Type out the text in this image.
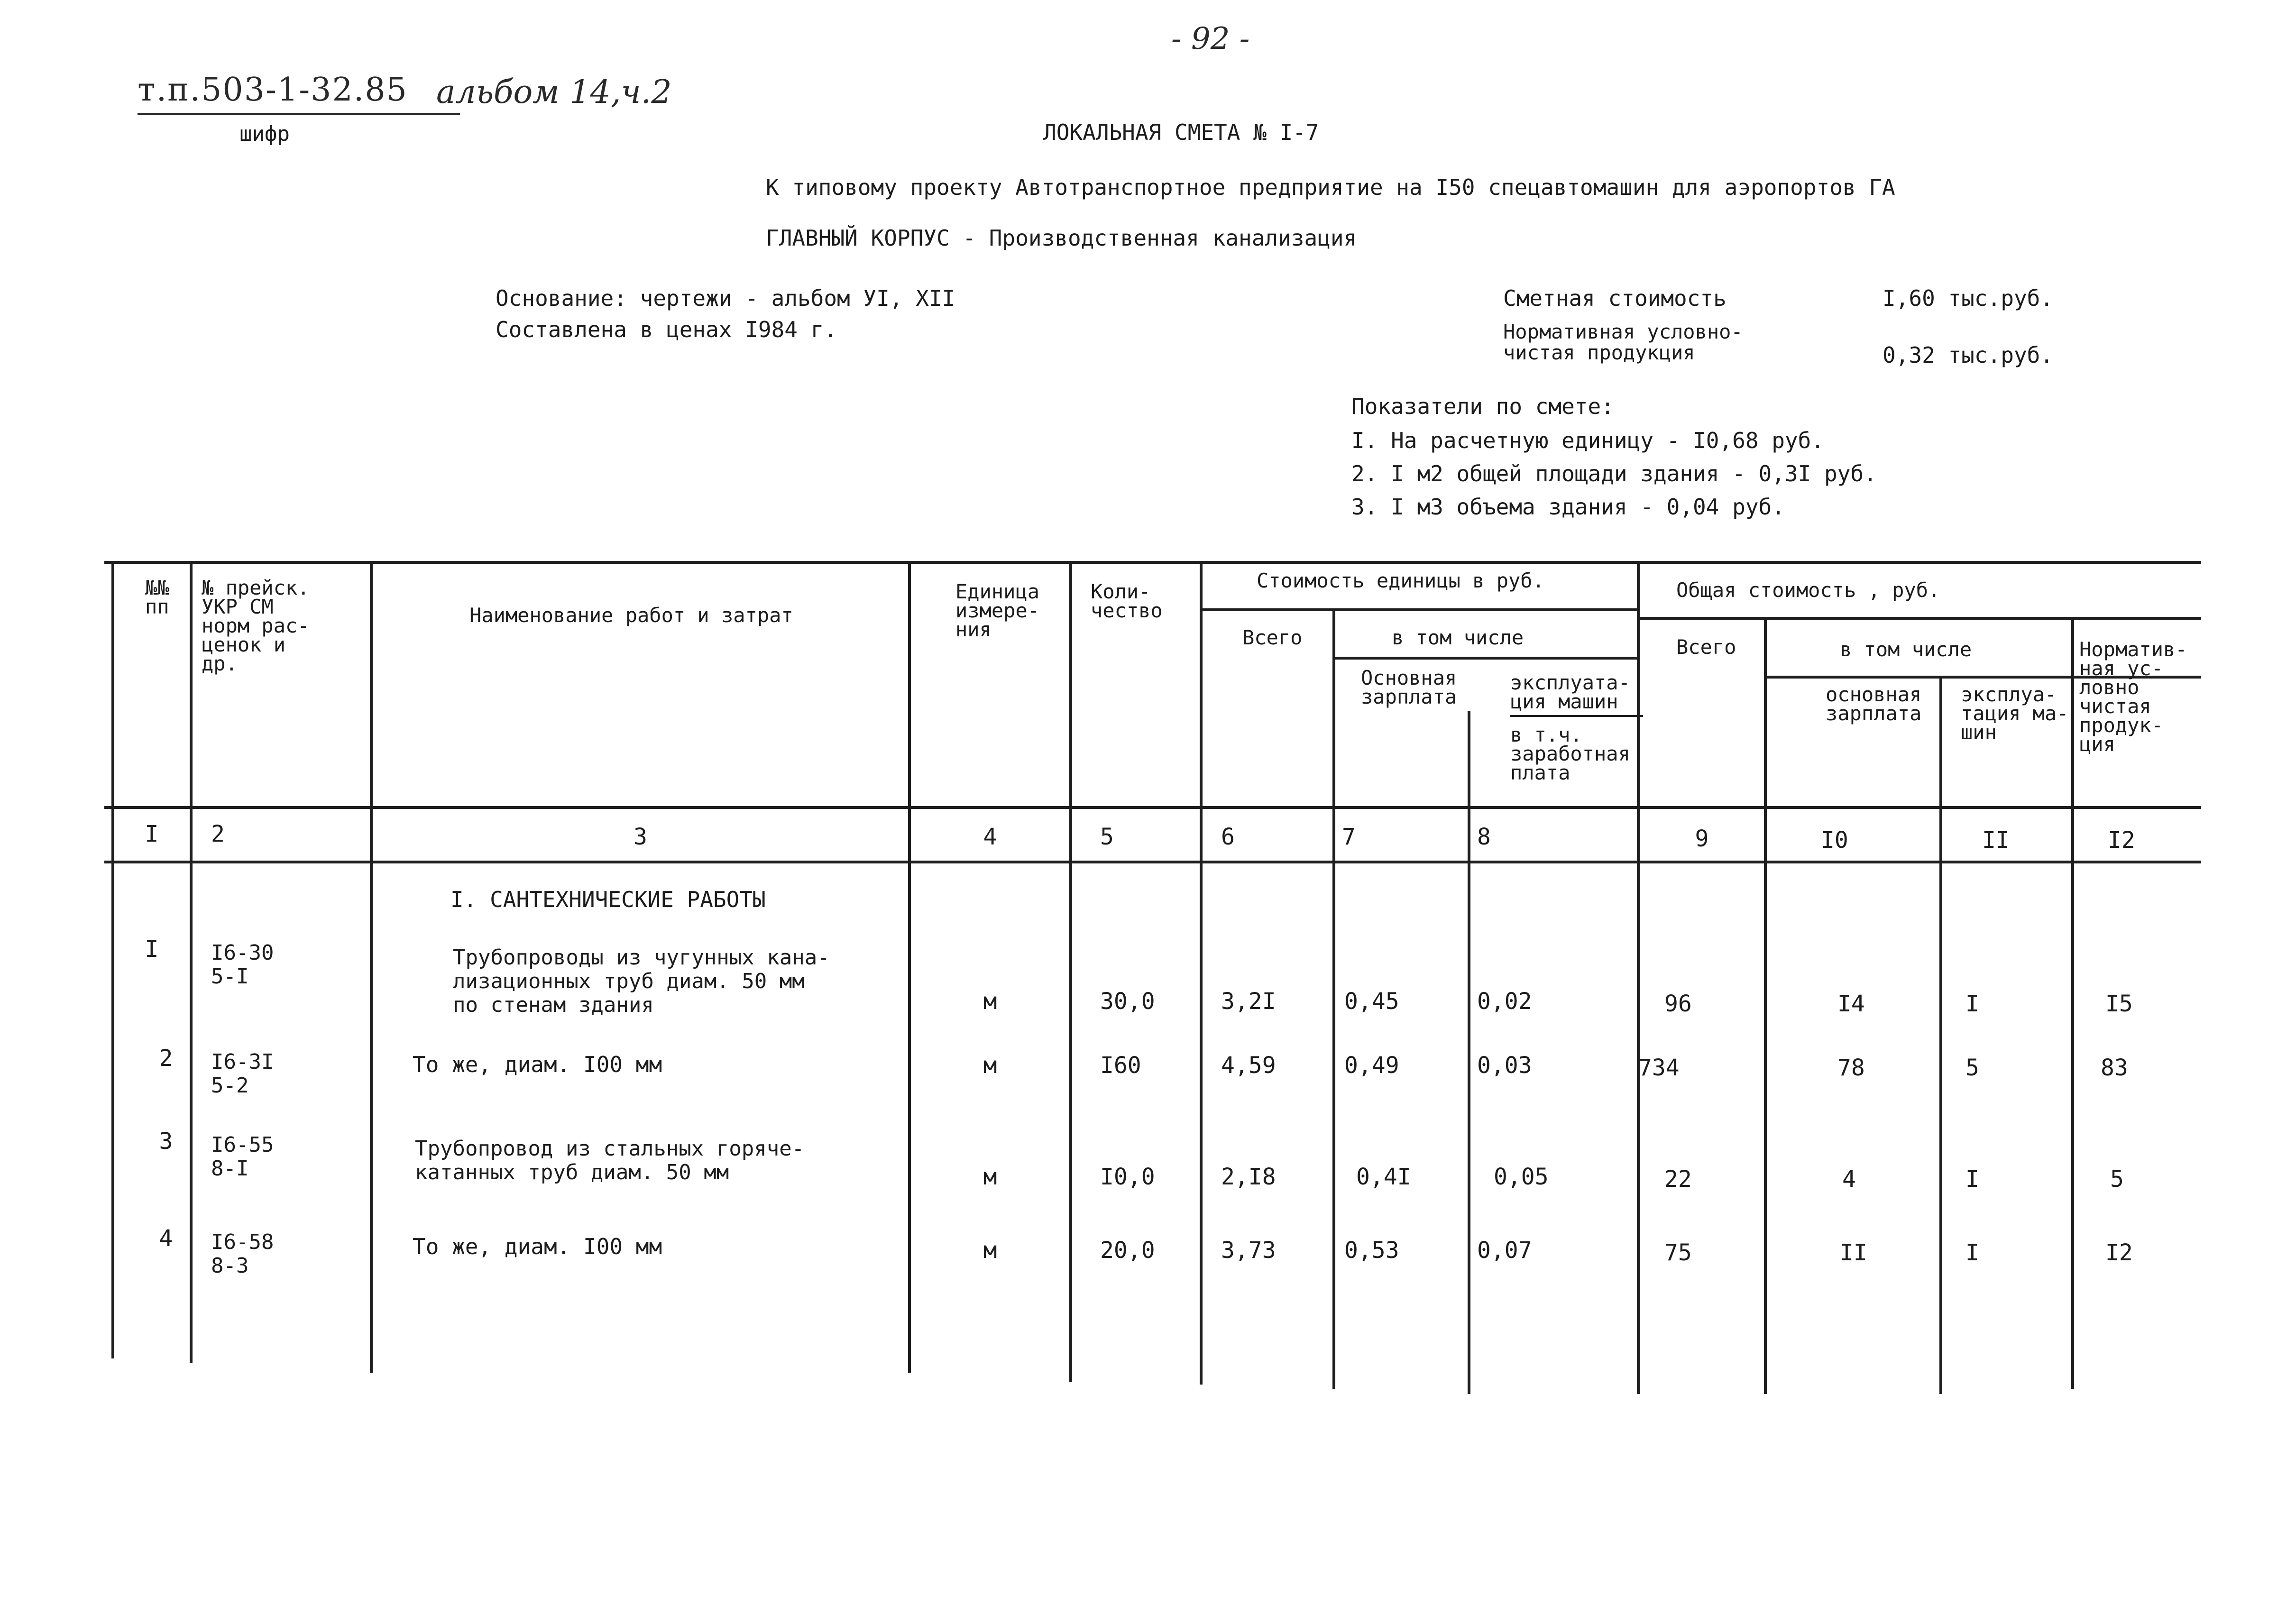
- 92 -
т.п.503-1-32.85 альбом 14,ч.2
шифр	ЛОКАЛЬНАЯ СМЕТА № I-7
К типовому проекту Автотранспортное предприятие на I50 спецавтомашин для аэропортов ГА
ГЛАВНЫЙ КОРПУС - Производственная канализация
Основание: чертежи - альбом УI, XII
Составлена в ценах I984 г.
Сметная стоимость	I,60 тыс.руб.
Нормативная условно-
чистая продукция	0,32 тыс.руб.
Показатели по смете:
I. На расчетную единицу - I0,68 руб.
2. I м2 общей площади здания - 0,3I руб.
3. I м3 объема здания - 0,04 руб.
№№
пп
№ прейск.
УКР СМ
норм рас-
ценок и
др.
Наименование работ и затрат
Единица
измере-
ния
Коли-
чество
Стоимость единицы в руб.
Всего	в том числе
Основная
зарплата
эксплуата-
ция машин
в т.ч.
заработная
плата
Общая стоимость , руб.
Всего	в том числе
основная
зарплата
эксплуа-
тация ма-
шин
Норматив-
ная ус-
ловно
чистая
продук-
ция
I	2	3	4	5	6	7	8	9	I0	II	I2
I. САНТЕХНИЧЕСКИЕ РАБОТЫ
I	I6-30
5-I
Трубопроводы из чугунных кана-
лизационных труб диам. 50 мм
по стенам здания	м	30,0	3,2I	0,45	0,02	96	I4	I	I5
2	I6-3I
5-2
То же, диам. I00 мм	м	I60	4,59	0,49	0,03	734	78	5	83
3	I6-55
8-I
Трубопровод из стальных горяче-
катанных труб диам. 50 мм	м	I0,0	2,I8	0,4I	0,05	22	4	I	5
4	I6-58
8-3
То же, диам. I00 мм	м	20,0	3,73	0,53	0,07	75	II	I	I2
